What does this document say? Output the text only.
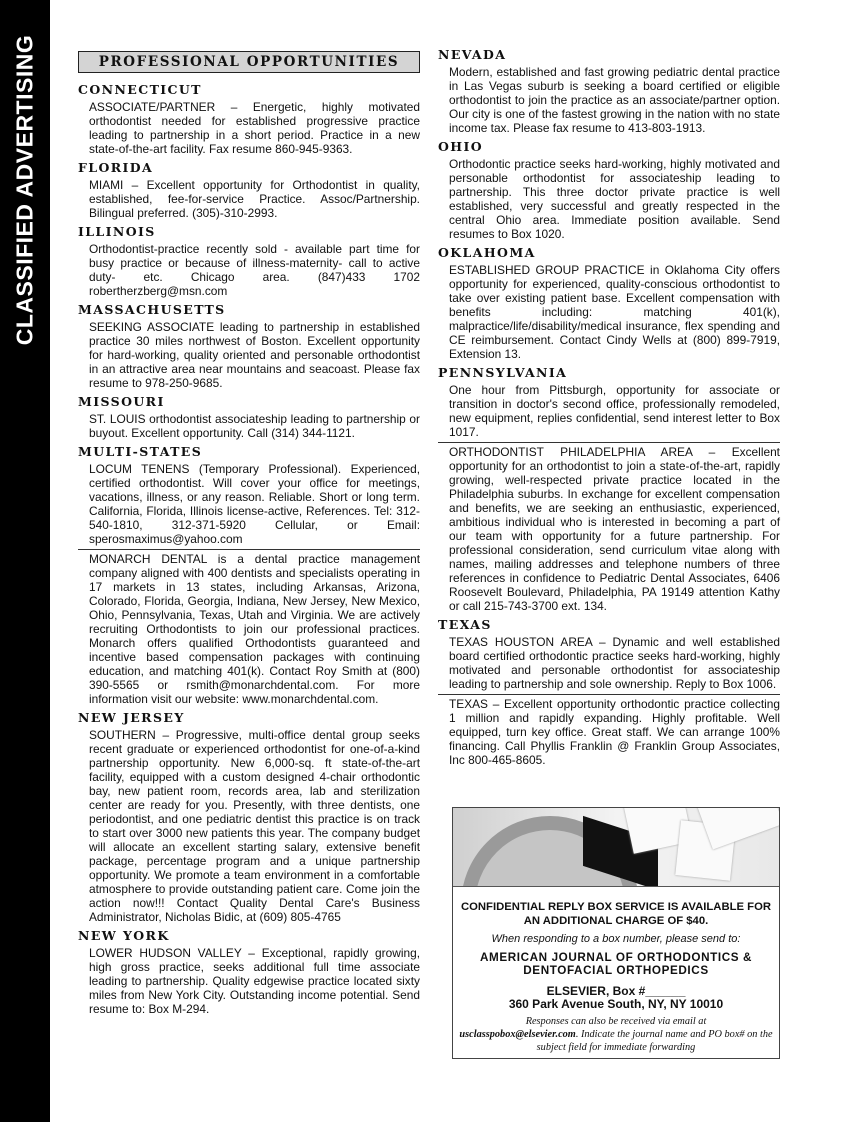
CLASSIFIED ADVERTISING	PROFESSIONAL OPPORTUNITIES
CONNECTICUT
ASSOCIATE/PARTNER – Energetic, highly motivated orthodontist needed for established progressive practice leading to partnership in a short period. Practice in a new state-of-the-art facility. Fax resume 860-945-9363.
FLORIDA
MIAMI – Excellent opportunity for Orthodontist in quality, established, fee-for-service Practice. Assoc/Partnership. Bilingual preferred. (305)-310-2993.
ILLINOIS
Orthodontist-practice recently sold - available part time for busy practice or because of illness-maternity- call to active duty- etc. Chicago area. (847)433 1702 robertherzberg@msn.com
MASSACHUSETTS
SEEKING ASSOCIATE leading to partnership in established practice 30 miles northwest of Boston. Excellent opportunity for hard-working, quality oriented and personable orthodontist in an attractive area near mountains and seacoast. Please fax resume to 978-250-9685.
MISSOURI
ST. LOUIS orthodontist associateship leading to partnership or buyout. Excellent opportunity. Call (314) 344-1121.
MULTI-STATES
LOCUM TENENS (Temporary Professional). Experienced, certified orthodontist. Will cover your office for meetings, vacations, illness, or any reason. Reliable. Short or long term. California, Florida, Illinois license-active, References. Tel: 312-540-1810, 312-371-5920 Cellular, or Email: sperosmaximus@yahoo.com
MONARCH DENTAL is a dental practice management company aligned with 400 dentists and specialists operating in 17 markets in 13 states, including Arkansas, Arizona, Colorado, Florida, Georgia, Indiana, New Jersey, New Mexico, Ohio, Pennsylvania, Texas, Utah and Virginia. We are actively recruiting Orthodontists to join our professional practices. Monarch offers qualified Orthodontists guaranteed and incentive based compensation packages with continuing education, and matching 401(k). Contact Roy Smith at (800) 390-5565 or rsmith@monarchdental.com. For more information visit our website: www.monarchdental.com.
NEW JERSEY
SOUTHERN – Progressive, multi-office dental group seeks recent graduate or experienced orthodontist for one-of-a-kind partnership opportunity. New 6,000-sq. ft state-of-the-art facility, equipped with a custom designed 4-chair orthodontic bay, new patient room, records area, lab and sterilization center are ready for you. Presently, with three dentists, one periodontist, and one pediatric dentist this practice is on track to start over 3000 new patients this year. The company budget will allocate an excellent starting salary, extensive benefit package, percentage program and a unique partnership opportunity. We promote a team environment in a comfortable atmosphere to provide outstanding patient care. Come join the action now!!! Contact Quality Dental Care's Business Administrator, Nicholas Bidic, at (609) 805-4765
NEW YORK
LOWER HUDSON VALLEY – Exceptional, rapidly growing, high gross practice, seeks additional full time associate leading to partnership. Quality edgewise practice located sixty miles from New York City. Outstanding income potential. Send resume to: Box M-294.
NEVADA
Modern, established and fast growing pediatric dental practice in Las Vegas suburb is seeking a board certified or eligible orthodontist to join the practice as an associate/partner option. Our city is one of the fastest growing in the nation with no state income tax. Please fax resume to 413-803-1913.
OHIO
Orthodontic practice seeks hard-working, highly motivated and personable orthodontist for associateship leading to partnership. This three doctor private practice is well established, very successful and greatly respected in the central Ohio area. Immediate position available. Send resumes to Box 1020.
OKLAHOMA
ESTABLISHED GROUP PRACTICE in Oklahoma City offers opportunity for experienced, quality-conscious orthodontist to take over existing patient base. Excellent compensation with benefits including: matching 401(k), malpractice/life/disability/medical insurance, flex spending and CE reimbursement. Contact Cindy Wells at (800) 899-7919, Extension 13.
PENNSYLVANIA
One hour from Pittsburgh, opportunity for associate or transition in doctor's second office, professionally remodeled, new equipment, replies confidential, send interest letter to Box 1017.
ORTHODONTIST PHILADELPHIA AREA – Excellent opportunity for an orthodontist to join a state-of-the-art, rapidly growing, well-respected private practice located in the Philadelphia suburbs. In exchange for excellent compensation and benefits, we are seeking an enthusiastic, experienced, ambitious individual who is interested in becoming a part of our team with opportunity for a future partnership. For professional consideration, send curriculum vitae along with names, mailing addresses and telephone numbers of three references in confidence to Pediatric Dental Associates, 6406 Roosevelt Boulevard, Philadelphia, PA 19149 attention Kathy or call 215-743-3700 ext. 134.
TEXAS
TEXAS HOUSTON AREA – Dynamic and well established board certified orthodontic practice seeks hard-working, highly motivated and personable orthodontist for associateship leading to partnership and sole ownership. Reply to Box 1006.
TEXAS – Excellent opportunity orthodontic practice collecting 1 million and rapidly expanding. Highly profitable. Well equipped, turn key office. Great staff. We can arrange 100% financing. Call Phyllis Franklin @ Franklin Group Associates, Inc 800-465-8605.
CONFIDENTIAL REPLY BOX SERVICE IS AVAILABLE FOR AN ADDITIONAL CHARGE OF $40.
When responding to a box number, please send to:
AMERICAN JOURNAL OF ORTHODONTICS & DENTOFACIAL ORTHOPEDICS
ELSEVIER, Box #______
360 Park Avenue South, NY, NY 10010
Responses can also be received via email at
usclasspobox@elsevier.com. Indicate the journal name and PO box# on the subject field for immediate forwarding
